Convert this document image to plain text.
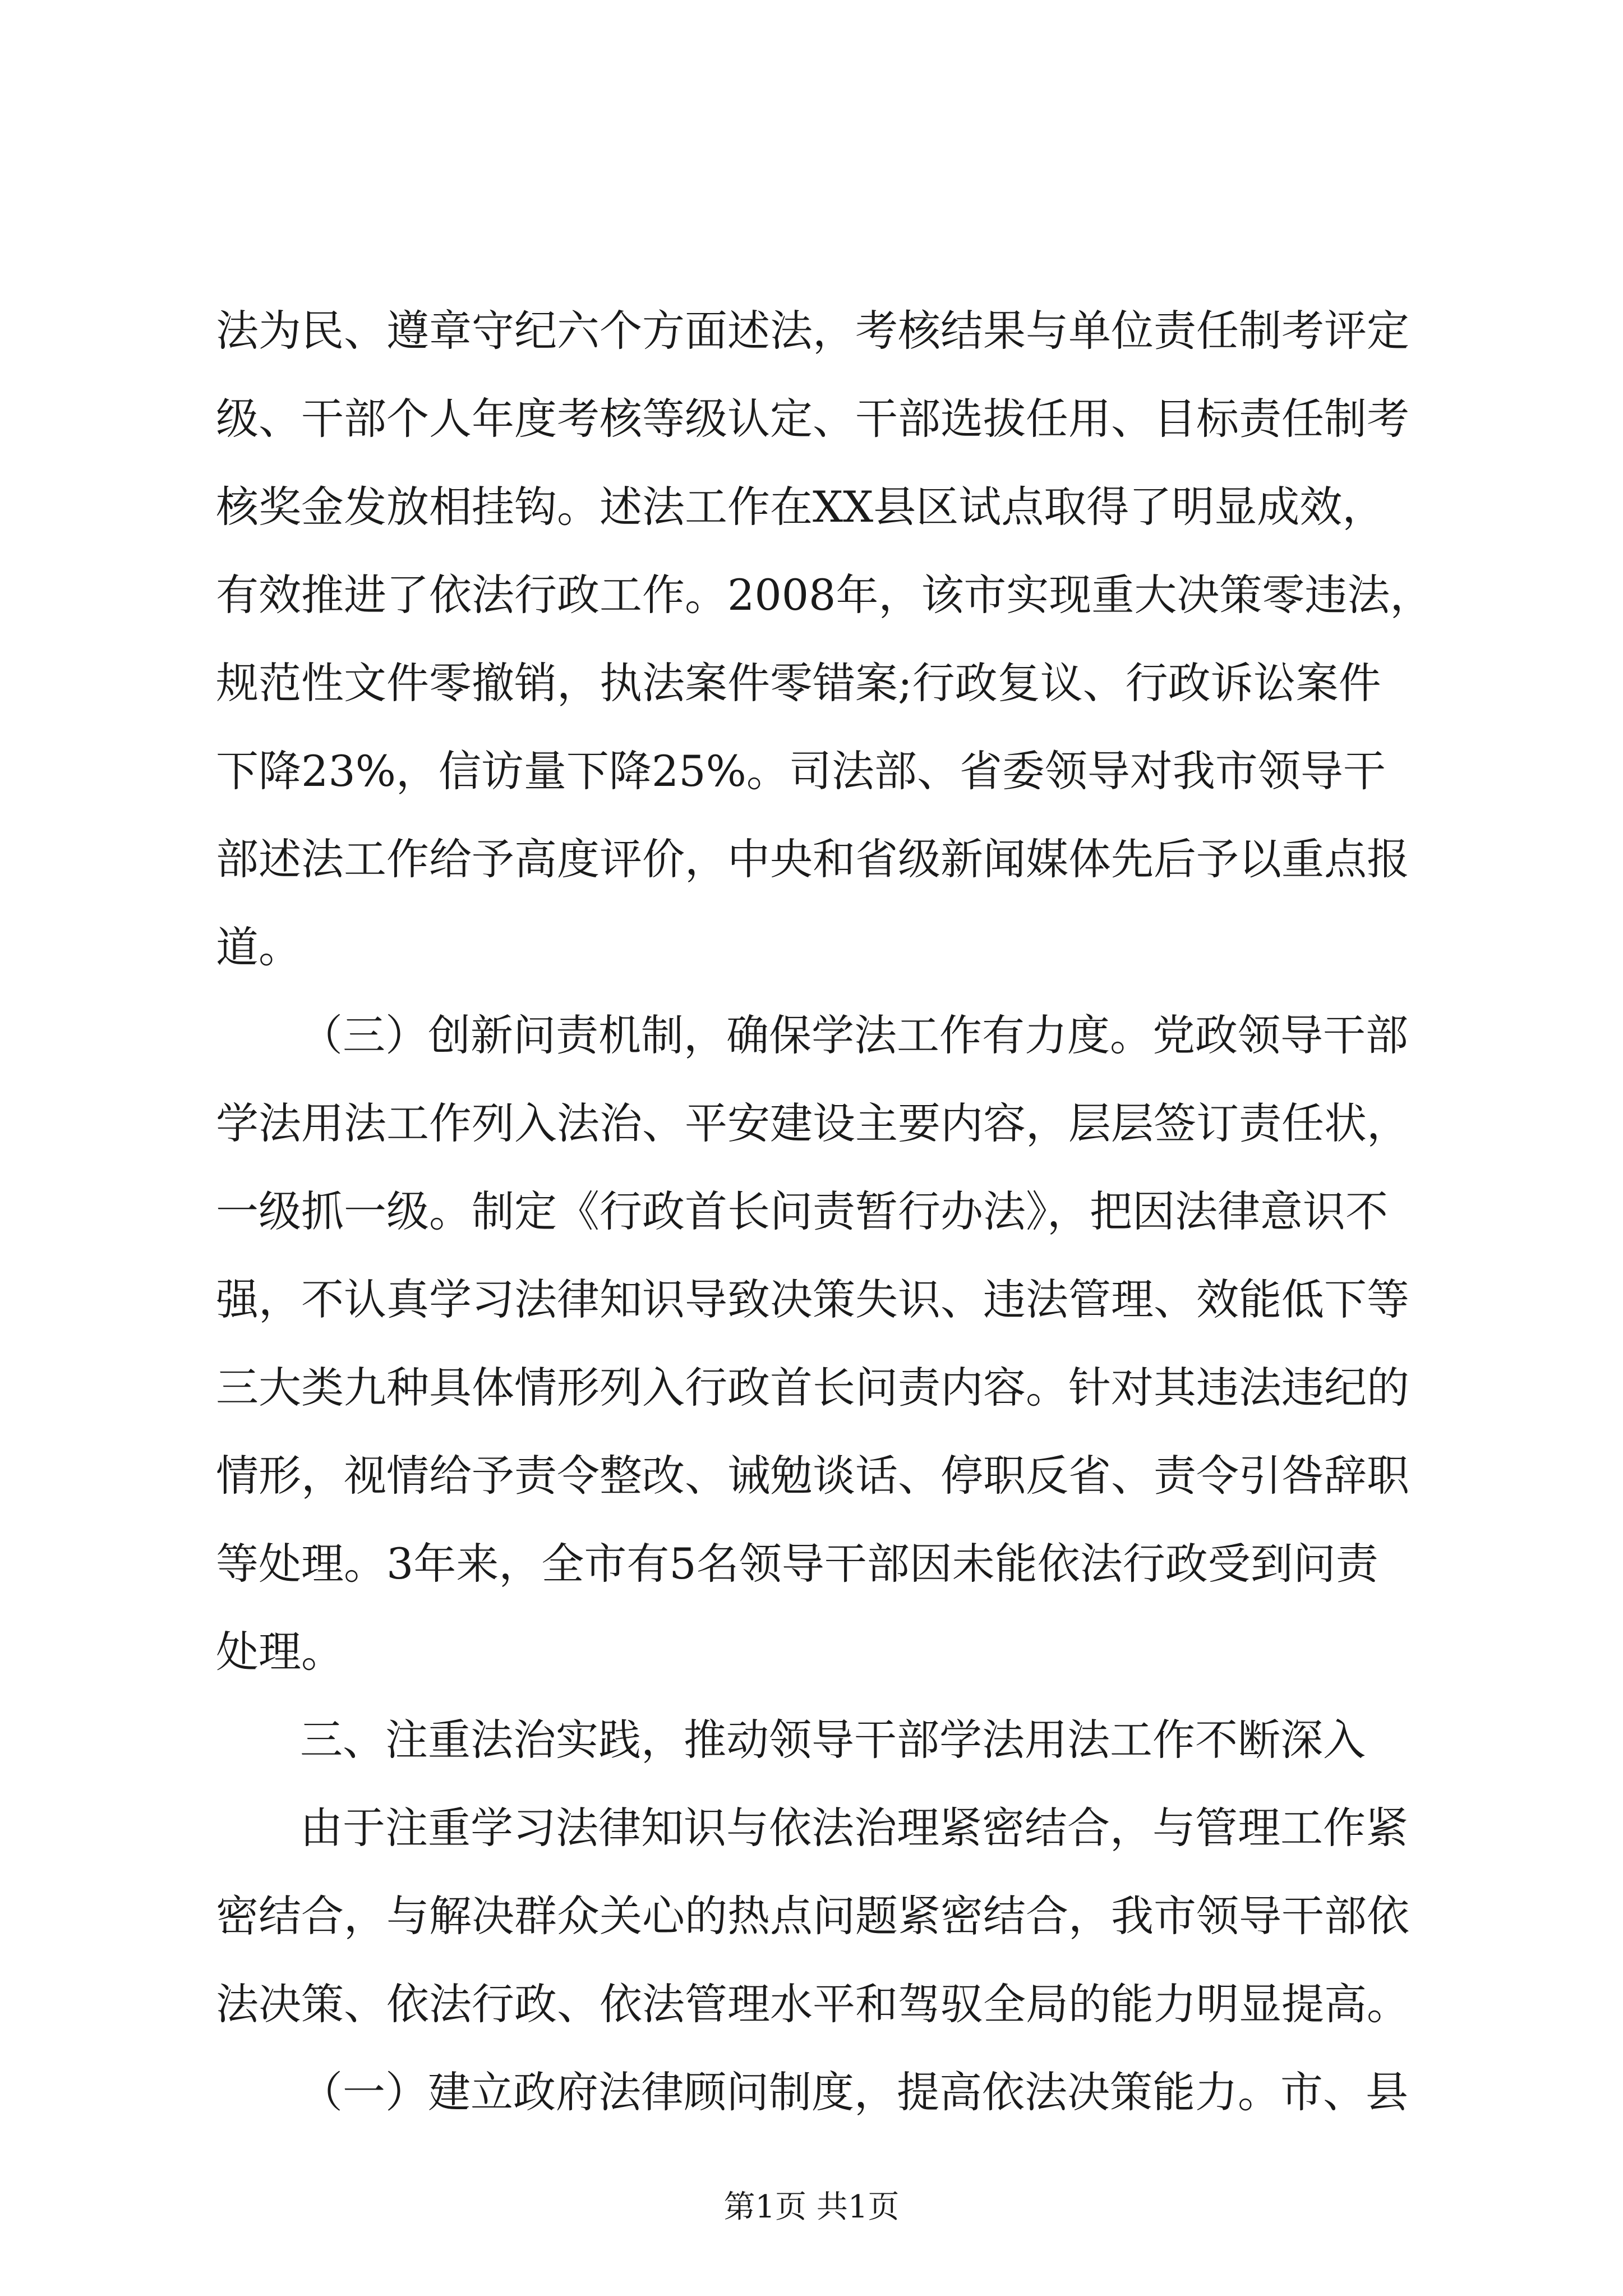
法为民、遵章守纪六个方面述法，考核结果与单位责任制考评定

级、干部个人年度考核等级认定、干部选拔任用、目标责任制考

核奖金发放相挂钩。述法工作在XX县区试点取得了明显成效，

有效推进了依法行政工作。2008年，该市实现重大决策零违法，

规范性文件零撤销，执法案件零错案;行政复议、行政诉讼案件

下降23%，信访量下降25%。司法部、省委领导对我市领导干

部述法工作给予高度评价，中央和省级新闻媒体先后予以重点报

道。

（三）创新问责机制，确保学法工作有力度。党政领导干部

学法用法工作列入法治、平安建设主要内容，层层签订责任状，

一级抓一级。制定《行政首长问责暂行办法》，把因法律意识不

强，不认真学习法律知识导致决策失识、违法管理、效能低下等

三大类九种具体情形列入行政首长问责内容。针对其违法违纪的

情形，视情给予责令整改、诫勉谈话、停职反省、责令引咎辞职

等处理。3年来，全市有5名领导干部因未能依法行政受到问责

处理。

三、注重法治实践，推动领导干部学法用法工作不断深入

由于注重学习法律知识与依法治理紧密结合，与管理工作紧

密结合，与解决群众关心的热点问题紧密结合，我市领导干部依

法决策、依法行政、依法管理水平和驾驭全局的能力明显提高。

（一）建立政府法律顾问制度，提高依法决策能力。市、县

第1页 共1页
